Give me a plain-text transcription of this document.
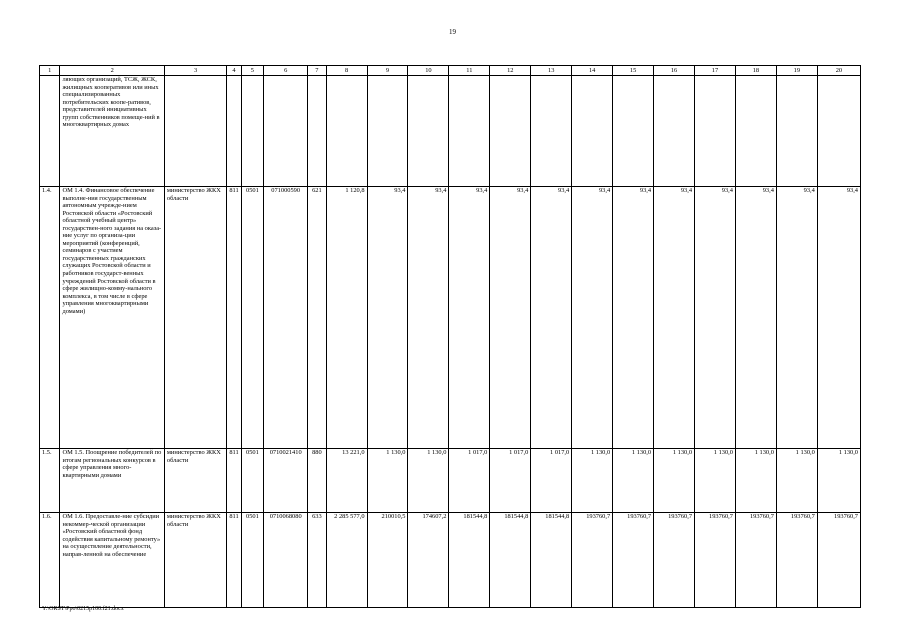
19
1	2	3	4	5	6	7	8	9	10	11	12	13	14	15	16	17	18	19	20
	ляющих организаций, ТСЖ, ЖСК, жилищных кооперативов или иных специализированных потребительских коопе-ративов, представителей инициативных групп собственников помеще-ний в многоквартирных домах																		
1.4.	ОМ 1.4. Финансовое обеспечение выполне-ния государственным автономным учрежде-нием Ростовской области «Ростовский областной учебный центр» государствен-ного задания на оказа-ние услуг по организа-ции мероприятий (конференций, семинаров с участием государственных гражданских служащих Ростовской области и работников государст-венных учреждений Ростовской области в сфере жилищно-комму-нального комплекса, в том числе в сфере управления многоквартирными домами)	министерство ЖКХ области	811	0501	071000590	621	1 120,8	93,4	93,4	93,4	93,4	93,4	93,4	93,4	93,4	93,4	93,4	93,4	93,4
1.5.	ОМ 1.5. Поощрение победителей по итогам региональных конкурсов в сфере управления много-квартирными домами	министерство ЖКХ области	811	0501	0710021410	880	13 221,0	1 130,0	1 130,0	1 017,0	1 017,0	1 017,0	1 130,0	1 130,0	1 130,0	1 130,0	1 130,0	1 130,0	1 130,0
1.6.	ОМ 1.6. Предоставле-ние субсидии некоммер-ческой организации «Ростовский областной фонд содействия капитальному ремонту» на осуществление деятельности, направ-ленной на обеспечение	министерство ЖКХ области	811	0501	0710068080	633	2 285 577,0	210010,5	174607,2	181544,8	181544,8	181544,8	193760,7	193760,7	193760,7	193760,7	193760,7	193760,7	193760,7
Y:\ORST\Ppo\0215p100.f21.docx
